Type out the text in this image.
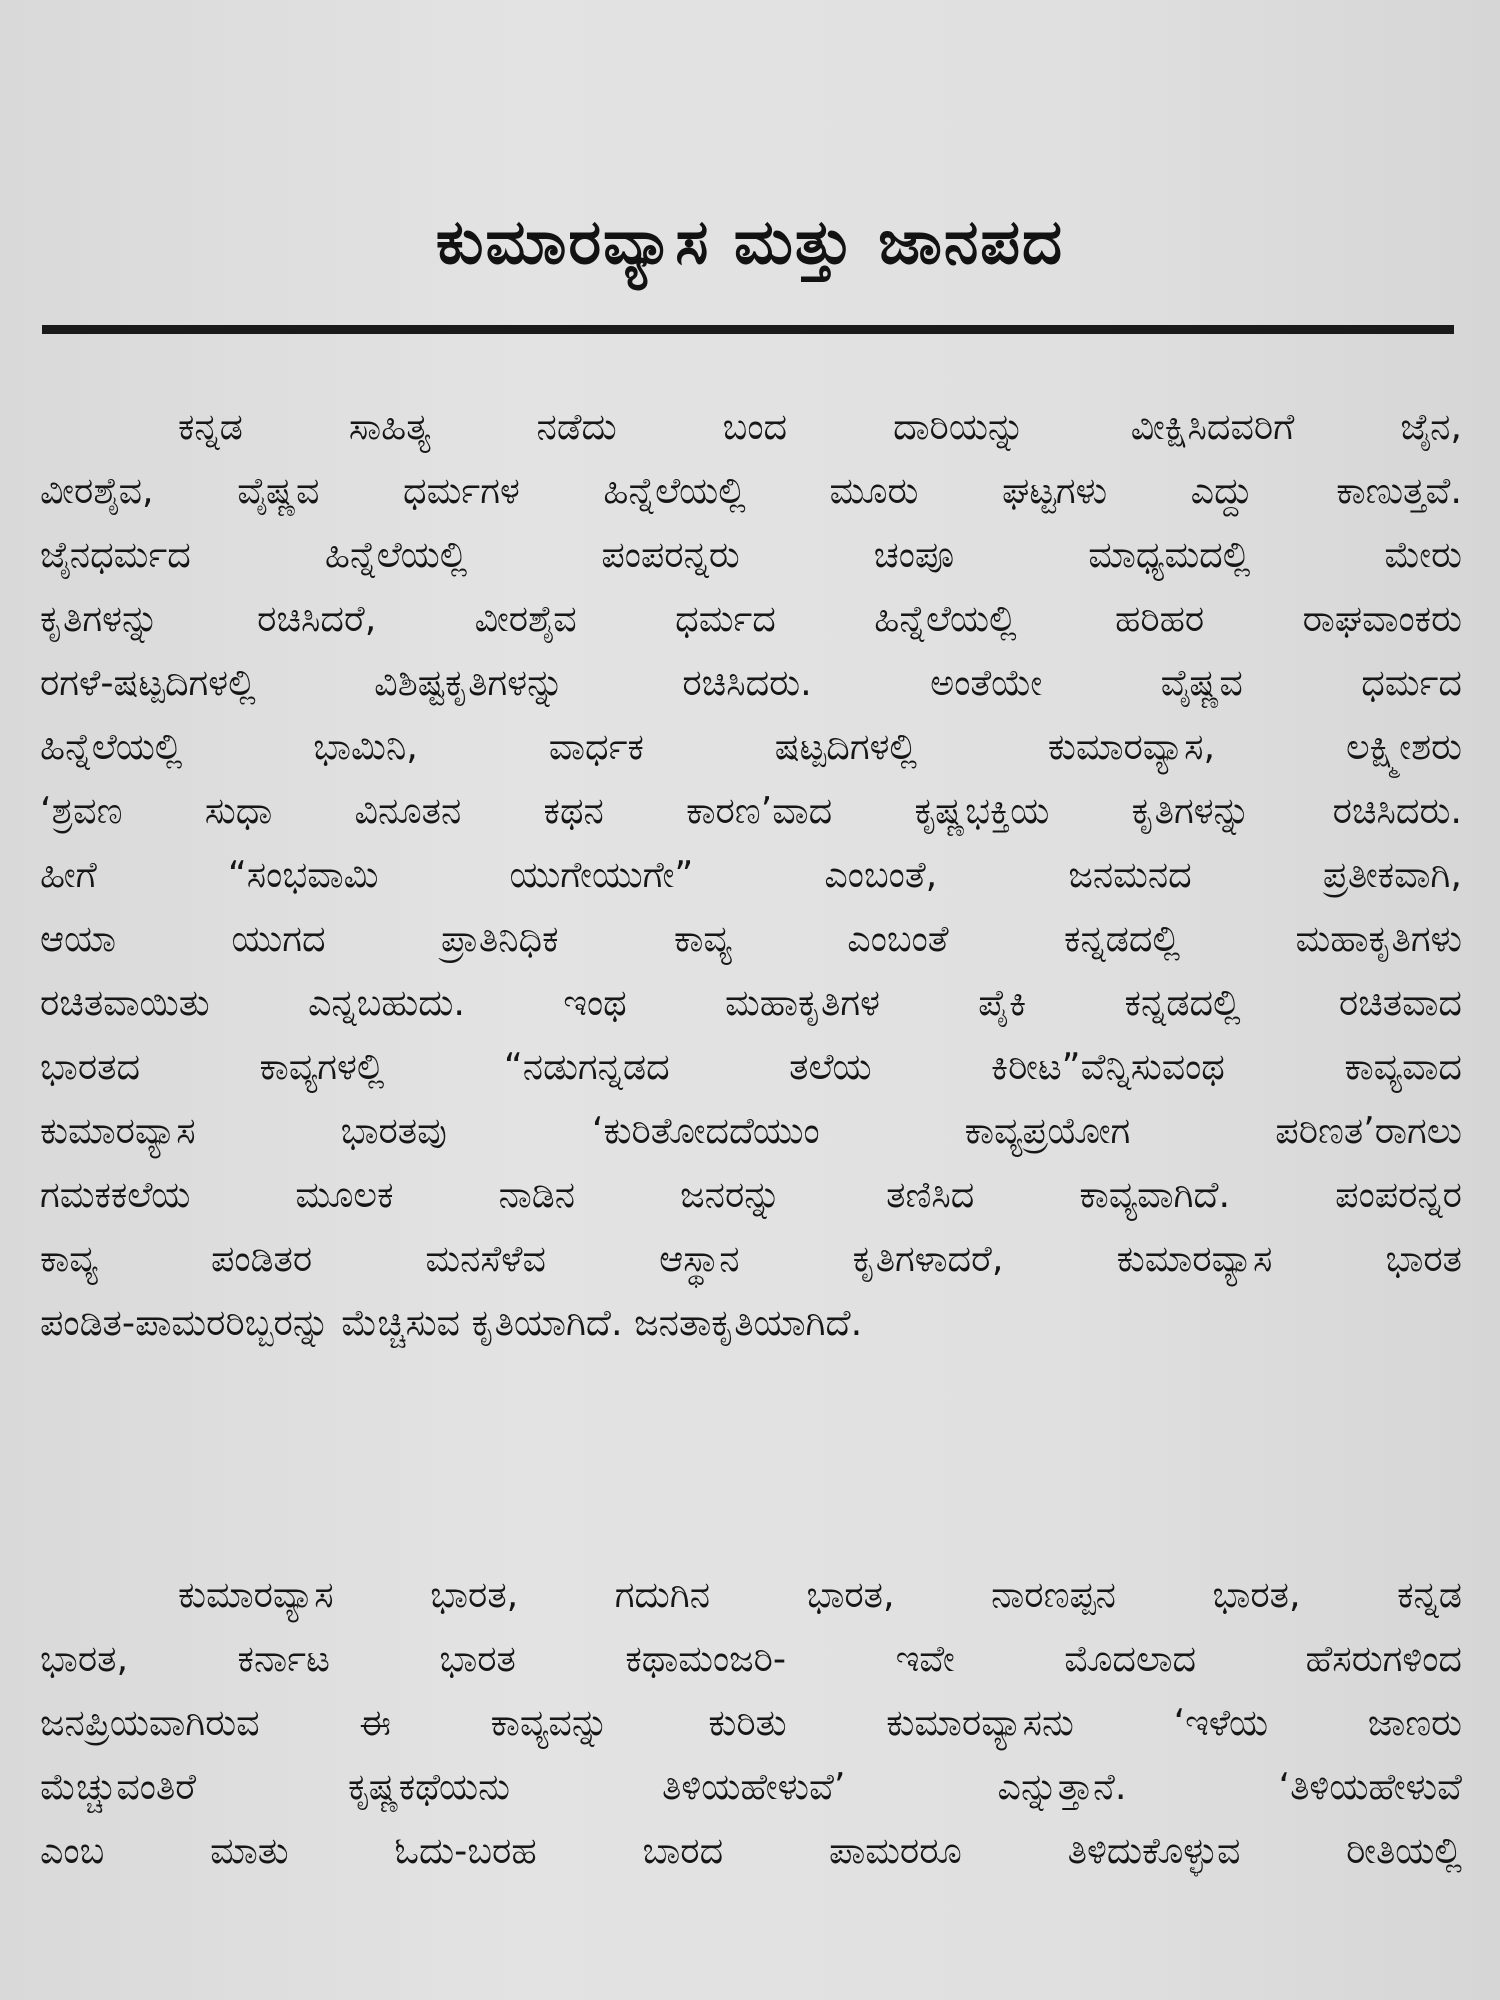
ಕುಮಾರವ್ಯಾಸ ಮತ್ತು ಜಾನಪದ
ಕನ್ನಡ ಸಾಹಿತ್ಯ ನಡೆದು ಬಂದ ದಾರಿಯನ್ನು ವೀಕ್ಷಿಸಿದವರಿಗೆ ಜೈನ,
ವೀರಶೈವ, ವೈಷ್ಣವ ಧರ್ಮಗಳ ಹಿನ್ನೆಲೆಯಲ್ಲಿ ಮೂರು ಘಟ್ಟಗಳು ಎದ್ದು ಕಾಣುತ್ತವೆ.
ಜೈನಧರ್ಮದ ಹಿನ್ನೆಲೆಯಲ್ಲಿ ಪಂಪರನ್ನರು ಚಂಪೂ ಮಾಧ್ಯಮದಲ್ಲಿ ಮೇರು
ಕೃತಿಗಳನ್ನು ರಚಿಸಿದರೆ, ವೀರಶೈವ ಧರ್ಮದ ಹಿನ್ನೆಲೆಯಲ್ಲಿ ಹರಿಹರ ರಾಘವಾಂಕರು
ರಗಳೆ-ಷಟ್ಪದಿಗಳಲ್ಲಿ ವಿಶಿಷ್ಟಕೃತಿಗಳನ್ನು ರಚಿಸಿದರು. ಅಂತೆಯೇ ವೈಷ್ಣವ ಧರ್ಮದ
ಹಿನ್ನೆಲೆಯಲ್ಲಿ ಭಾಮಿನಿ, ವಾರ್ಧಕ ಷಟ್ಪದಿಗಳಲ್ಲಿ ಕುಮಾರವ್ಯಾಸ, ಲಕ್ಷ್ಮೀಶರು
‘ಶ್ರವಣ ಸುಧಾ ವಿನೂತನ ಕಥನ ಕಾರಣ’ವಾದ ಕೃಷ್ಣಭಕ್ತಿಯ ಕೃತಿಗಳನ್ನು ರಚಿಸಿದರು.
ಹೀಗೆ “ಸಂಭವಾಮಿ ಯುಗೇಯುಗೇ” ಎಂಬಂತೆ, ಜನಮನದ ಪ್ರತೀಕವಾಗಿ,
ಆಯಾ ಯುಗದ ಪ್ರಾತಿನಿಧಿಕ ಕಾವ್ಯ ಎಂಬಂತೆ ಕನ್ನಡದಲ್ಲಿ ಮಹಾಕೃತಿಗಳು
ರಚಿತವಾಯಿತು ಎನ್ನಬಹುದು. ಇಂಥ ಮಹಾಕೃತಿಗಳ ಪೈಕಿ ಕನ್ನಡದಲ್ಲಿ ರಚಿತವಾದ
ಭಾರತದ ಕಾವ್ಯಗಳಲ್ಲಿ “ನಡುಗನ್ನಡದ ತಲೆಯ ಕಿರೀಟ”ವೆನ್ನಿಸುವಂಥ ಕಾವ್ಯವಾದ
ಕುಮಾರವ್ಯಾಸ ಭಾರತವು ‘ಕುರಿತೋದದೆಯುಂ ಕಾವ್ಯಪ್ರಯೋಗ ಪರಿಣತ’ರಾಗಲು
ಗಮಕಕಲೆಯ ಮೂಲಕ ನಾಡಿನ ಜನರನ್ನು ತಣಿಸಿದ ಕಾವ್ಯವಾಗಿದೆ. ಪಂಪರನ್ನರ
ಕಾವ್ಯ ಪಂಡಿತರ ಮನಸೆಳೆವ ಆಸ್ಥಾನ ಕೃತಿಗಳಾದರೆ, ಕುಮಾರವ್ಯಾಸ ಭಾರತ
ಪಂಡಿತ-ಪಾಮರರಿಬ್ಬರನ್ನು ಮೆಚ್ಚಿಸುವ ಕೃತಿಯಾಗಿದೆ. ಜನತಾಕೃತಿಯಾಗಿದೆ.
ಕುಮಾರವ್ಯಾಸ ಭಾರತ, ಗದುಗಿನ ಭಾರತ, ನಾರಣಪ್ಪನ ಭಾರತ, ಕನ್ನಡ
ಭಾರತ, ಕರ್ನಾಟ ಭಾರತ ಕಥಾಮಂಜರಿ- ಇವೇ ಮೊದಲಾದ ಹೆಸರುಗಳಿಂದ
ಜನಪ್ರಿಯವಾಗಿರುವ ಈ ಕಾವ್ಯವನ್ನು ಕುರಿತು ಕುಮಾರವ್ಯಾಸನು ‘ಇಳೆಯ ಜಾಣರು
ಮೆಚ್ಚುವಂತಿರೆ ಕೃಷ್ಣಕಥೆಯನು ತಿಳಿಯಹೇಳುವೆ’ ಎನ್ನುತ್ತಾನೆ. ‘ತಿಳಿಯಹೇಳುವೆ
ಎಂಬ ಮಾತು ಓದು-ಬರಹ ಬಾರದ ಪಾಮರರೂ ತಿಳಿದುಕೊಳ್ಳುವ ರೀತಿಯಲ್ಲಿ
